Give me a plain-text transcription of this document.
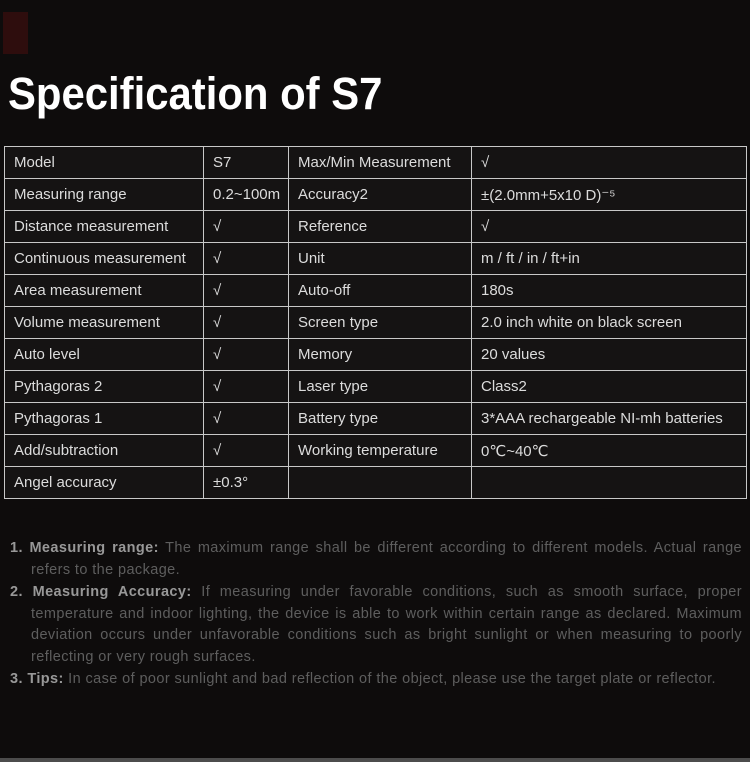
Specification of S7
Model	S7	Max/Min Measurement	√
Measuring range	0.2~100m	Accuracy2	±(2.0mm+5x10 D)⁻⁵
Distance measurement	√	Reference	√
Continuous measurement	√	Unit	m / ft / in / ft+in
Area measurement	√	Auto-off	180s
Volume measurement	√	Screen type	2.0 inch white on black screen
Auto level	√	Memory	20 values
Pythagoras 2	√	Laser type	Class2
Pythagoras 1	√	Battery type	3*AAA rechargeable NI-mh batteries
Add/subtraction	√	Working temperature	0℃~40℃
Angel accuracy	±0.3°		

1. Measuring range: The maximum range shall be different according to different models. Actual range refers to the package.

2. Measuring Accuracy: If measuring under favorable conditions, such as smooth surface, proper temperature and indoor lighting, the device is able to work within certain range as declared. Maximum deviation occurs under unfavorable conditions such as bright sunlight or when measuring to poorly reflecting or very rough surfaces.

3. Tips: In case of poor sunlight and bad reflection of the object, please use the target plate or reflector.
